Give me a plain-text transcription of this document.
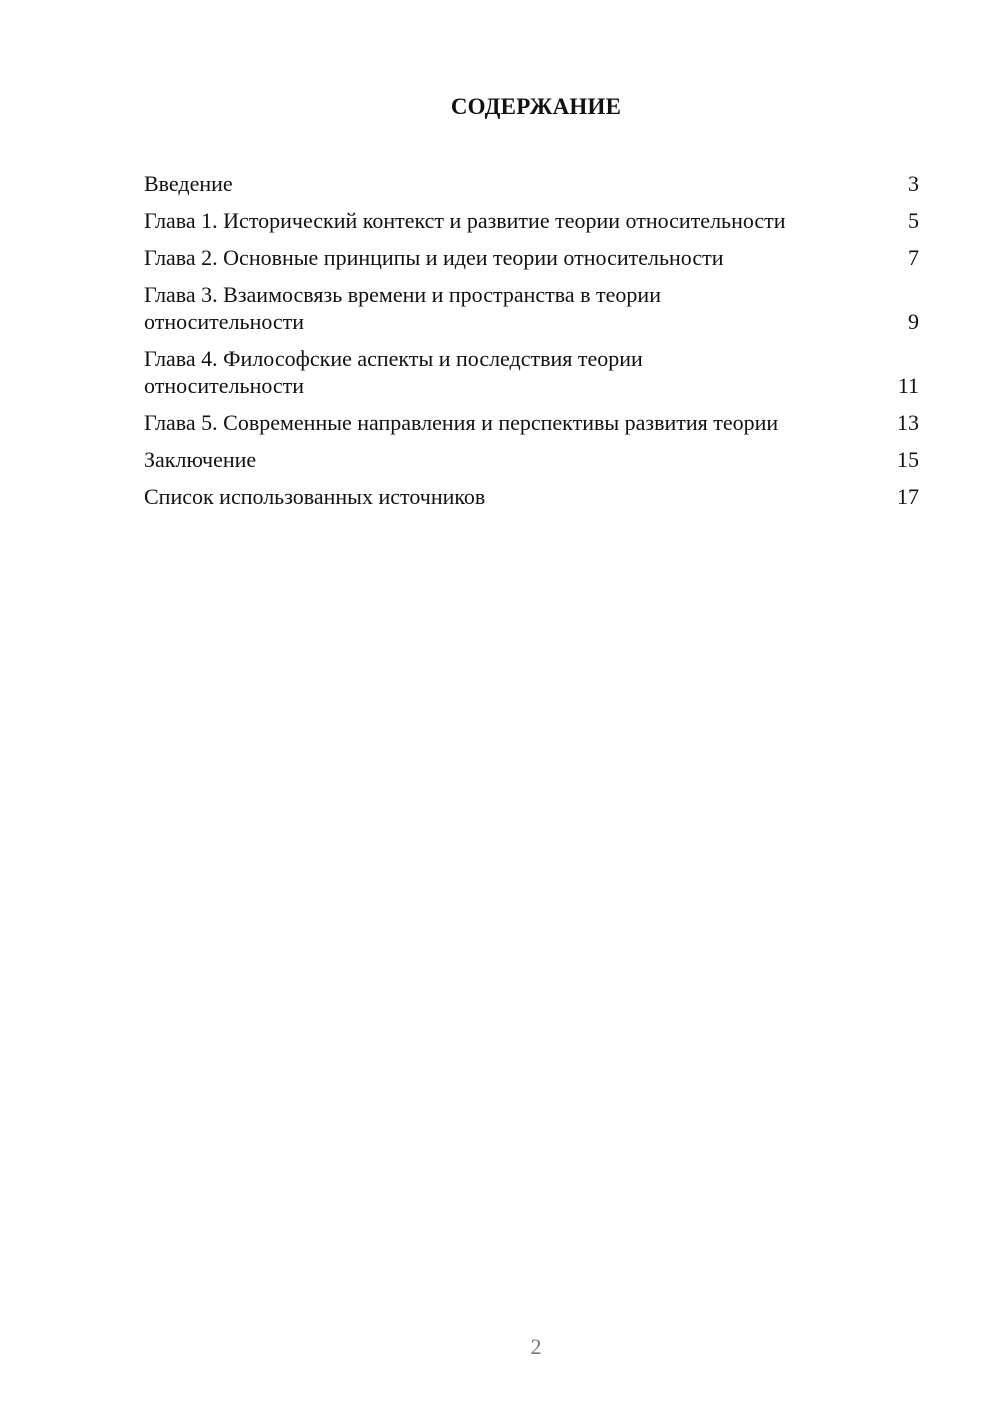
СОДЕРЖАНИЕ
Введение	3
Глава 1. Исторический контекст и развитие теории относительности	5
Глава 2. Основные принципы и идеи теории относительности	7
Глава 3. Взаимосвязь времени и пространства в теории относительности	9
Глава 4. Философские аспекты и последствия теории относительности	11
Глава 5. Современные направления и перспективы развития теории	13
Заключение	15
Список использованных источников	17
2
